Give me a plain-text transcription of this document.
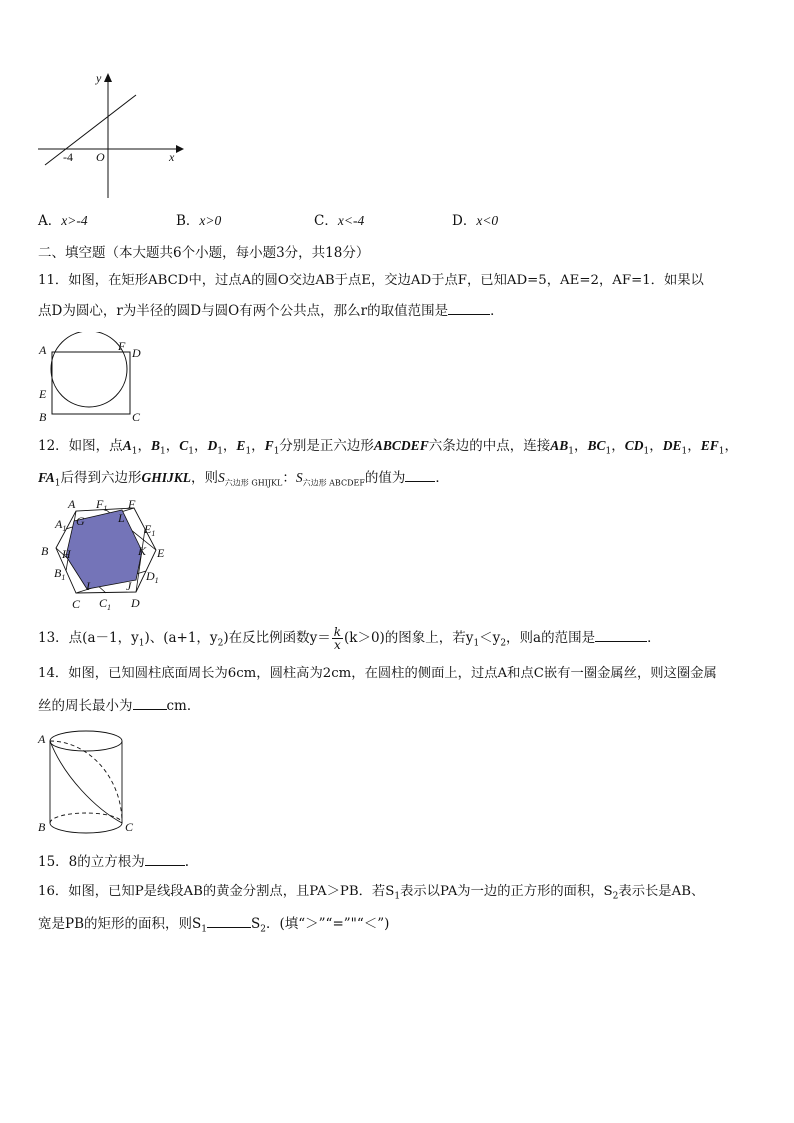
y
x
-4 O
A．x>-4	B．x>0	C．x<-4	D．x<0
二、填空题（本大题共6个小题，每小题3分，共18分）
11．如图，在矩形ABCD中，过点A的圆O交边AB于点E，交边AD于点F，已知AD=5，AE=2，AF=1．如果以
点D为圆心，r为半径的圆D与圆O有两个公共点，那么r的取值范围是	．
A	F D
E
B	C
12．如图，点$A_1$，$B_1$，$C_1$，$D_1$，$E_1$，$F_1$分别是正六边形ABCDEF六条边的中点，连接$AB_1$，$BC_1$，$CD_1$，$DE_1$，$EF_1$，
$FA_1$后得到六边形GHIJKL，则$S_{六边形 GHIJKL}$：$S_{六边形 ABCDEF}$的值为 ．
$F_1$ F
A
$A_1$
G	L
$E_1$
E
K
B H
$B_1$	$D_1$
J
I
C $C_1$ D
13．点(a－1，$y_1$)、(a+1，$y_2$)在反比例函数$y= \frac{k}{x} (k>0)$的图象上，若$y_1<y_2$，则a的范围是	．
14．如图，已知圆柱底面周长为6cm，圆柱高为2cm，在圆柱的侧面上，过点A和点C嵌有一圈金属丝，则这圈金属
丝的周长最小为	cm．
A
B	C
15．8的立方根为	.
16．如图，已知P是线段AB的黄金分割点，且PA＞PB．若$S_1$表示以PA为一边的正方形的面积，$S_2$表示长是AB、
宽是PB的矩形的面积，则$S_1$	$S_2$．(填“＞”“=”"“＜”)
